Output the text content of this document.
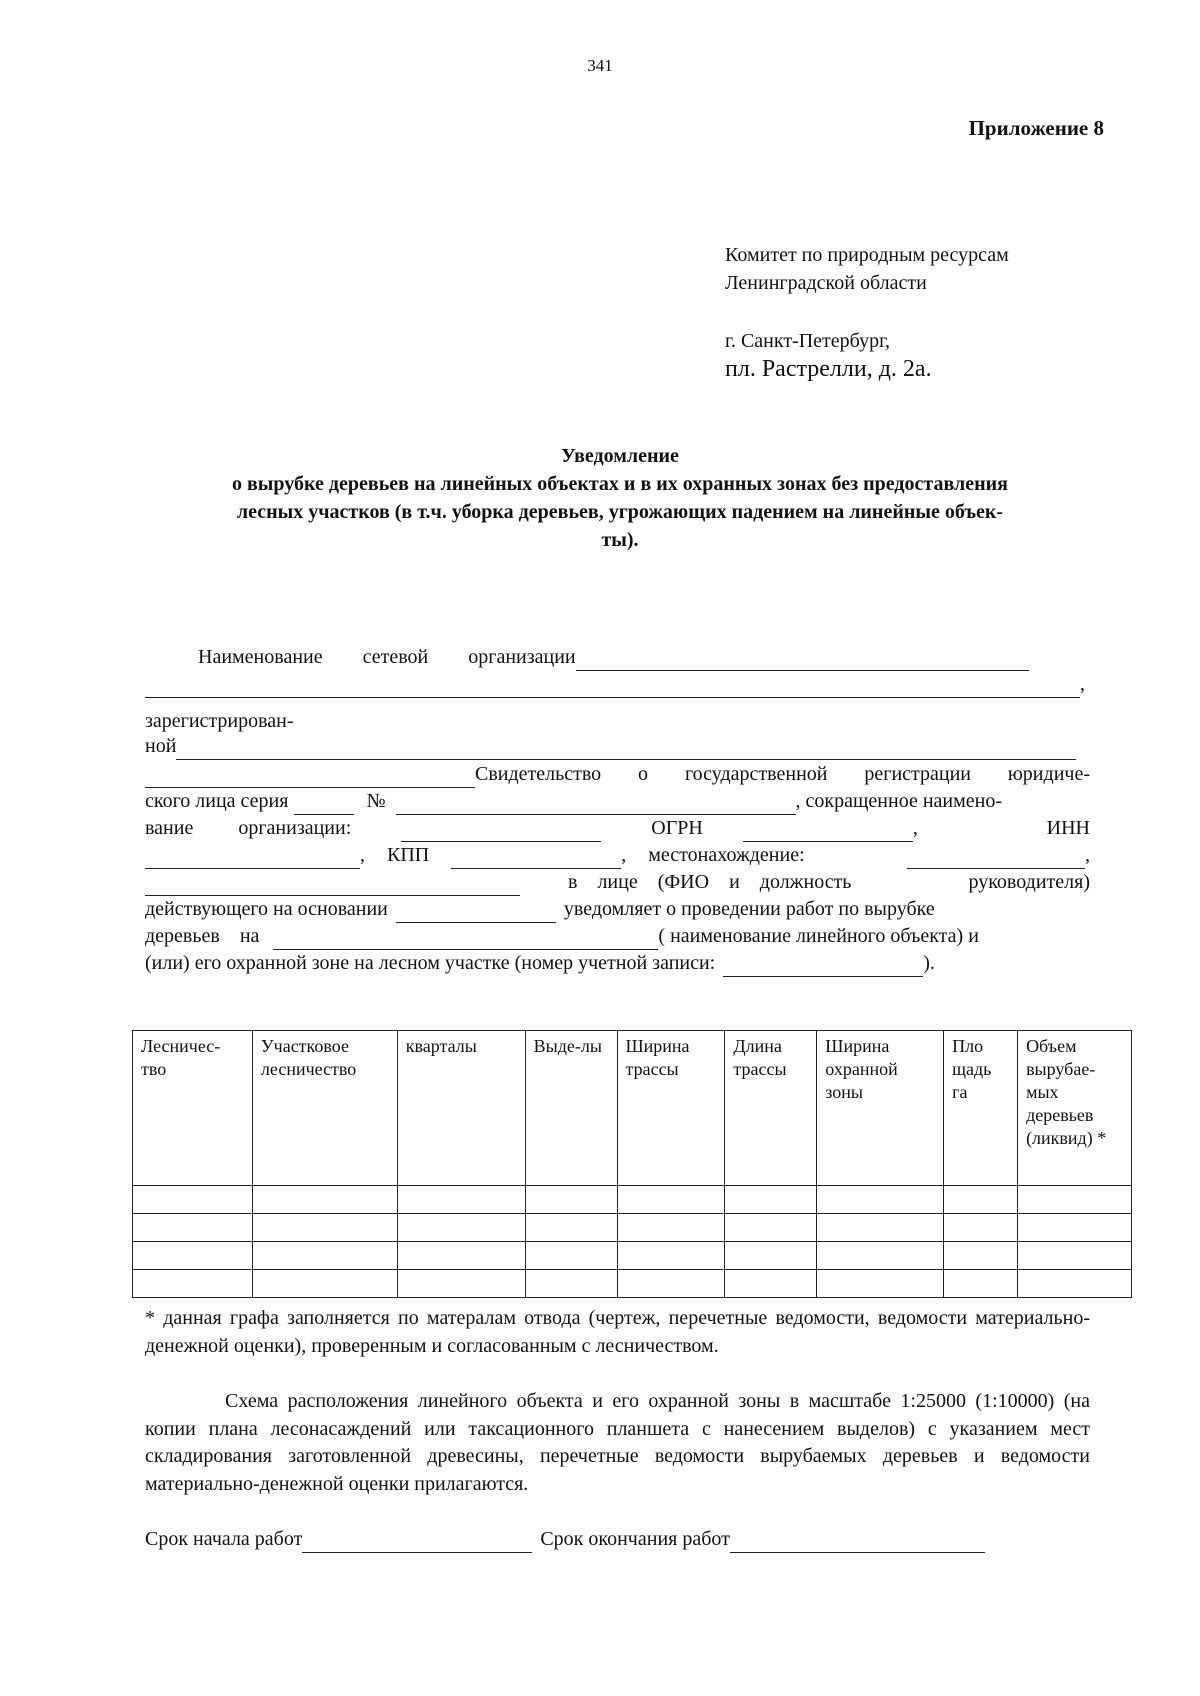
341
Приложение 8
Комитет по природным ресурсам
Ленинградской области
г. Санкт-Петербург,
пл. Растрелли, д. 2а.
Уведомление
о вырубке деревьев на линейных объектах и в их охранных зонах без предоставления
лесных участков (в т.ч. уборка деревьев, угрожающих падением на линейные объек-
ты).
Наименование сетевой организации
,
зарегистрирован-
ной
Свидетельство о государственной регистрации юридиче-
ского лица серия	№	, сокращенное наимено-
вание организации:	ОГРН	,	ИНН
, КПП	, местонахождение:	,
в лице (ФИО и должность	руководителя)
действующего на основании	уведомляет о проведении работ по вырубке
деревьев на	( наименование линейного объекта) и
(или) его охранной зоне на лесном участке (номер учетной записи:	).
Лесничес-тво	Участковое лесничество	кварталы	Выде-лы	Ширина трассы	Длина трассы	Ширина охранной зоны	Пло щадь га	Объем вырубае-мых деревьев (ликвид) *

* данная графа заполняется по матералам отвода (чертеж, перечетные ведомости, ведомости материально-денежной оценки), проверенным и согласованным с лесничеством.
Схема расположения линейного объекта и его охранной зоны в масштабе 1:25000 (1:10000) (на копии плана лесонасаждений или таксационного планшета с нанесением выделов) с указанием мест складирования заготовленной древесины, перечетные ведомости вырубаемых деревьев и ведомости материально-денежной оценки прилагаются.
Срок начала работ	Срок окончания работ
